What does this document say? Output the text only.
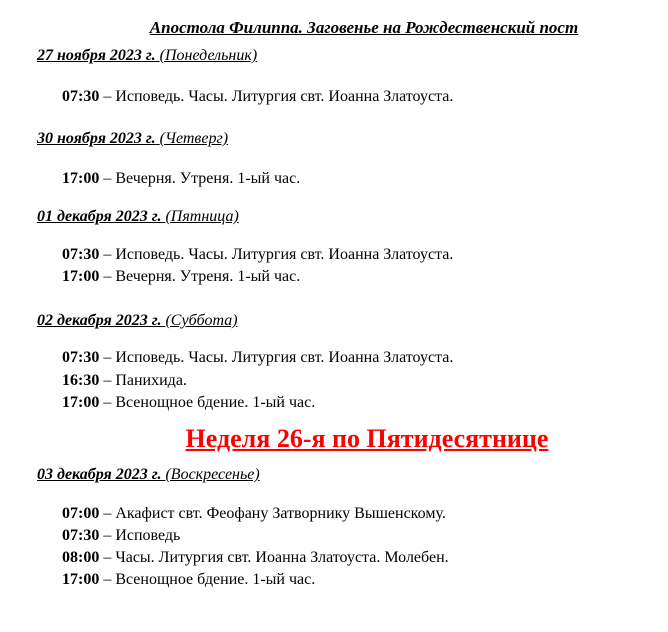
Апостола Филиппа. Заговенье на Рождественский пост
27 ноября 2023 г. (Понедельник)
07:30 – Исповедь. Часы. Литургия свт. Иоанна Златоуста.
30 ноября 2023 г. (Четверг)
17:00 – Вечерня. Утреня. 1-ый час.
01 декабря 2023 г. (Пятница)
07:30 – Исповедь. Часы. Литургия свт. Иоанна Златоуста.
17:00 – Вечерня. Утреня. 1-ый час.
02 декабря 2023 г. (Суббота)
07:30 – Исповедь. Часы. Литургия свт. Иоанна Златоуста.
16:30 – Панихида.
17:00 – Всенощное бдение. 1-ый час.
Неделя 26-я по Пятидесятнице
03 декабря 2023 г. (Воскресенье)
07:00 – Акафист свт. Феофану Затворнику Вышенскому.
07:30 – Исповедь
08:00 – Часы. Литургия свт. Иоанна Златоуста. Молебен.
17:00 – Всенощное бдение. 1-ый час.
